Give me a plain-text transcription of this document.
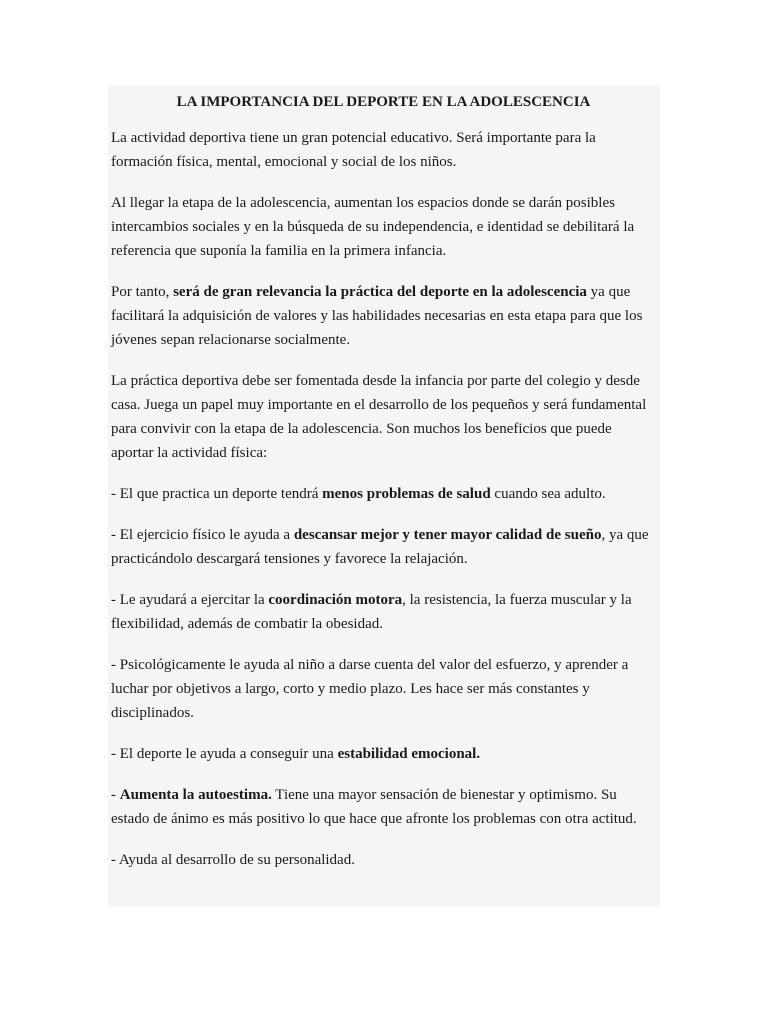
LA IMPORTANCIA DEL DEPORTE EN LA ADOLESCENCIA

La actividad deportiva tiene un gran potencial educativo. Será importante para la formación física, mental, emocional y social de los niños.

Al llegar la etapa de la adolescencia, aumentan los espacios donde se darán posibles intercambios sociales y en la búsqueda de su independencia, e identidad se debilitará la referencia que suponía la familia en la primera infancia.

Por tanto, será de gran relevancia la práctica del deporte en la adolescencia ya que facilitará la adquisición de valores y las habilidades necesarias en esta etapa para que los jóvenes sepan relacionarse socialmente.

La práctica deportiva debe ser fomentada desde la infancia por parte del colegio y desde casa. Juega un papel muy importante en el desarrollo de los pequeños y será fundamental para convivir con la etapa de la adolescencia. Son muchos los beneficios que puede aportar la actividad física:

- El que practica un deporte tendrá menos problemas de salud cuando sea adulto.

- El ejercicio físico le ayuda a descansar mejor y tener mayor calidad de sueño, ya que practicándolo descargará tensiones y favorece la relajación.

- Le ayudará a ejercitar la coordinación motora, la resistencia, la fuerza muscular y la flexibilidad, además de combatir la obesidad.

- Psicológicamente le ayuda al niño a darse cuenta del valor del esfuerzo, y aprender a luchar por objetivos a largo, corto y medio plazo. Les hace ser más constantes y disciplinados.

- El deporte le ayuda a conseguir una estabilidad emocional.

- Aumenta la autoestima. Tiene una mayor sensación de bienestar y optimismo. Su estado de ánimo es más positivo lo que hace que afronte los problemas con otra actitud.

- Ayuda al desarrollo de su personalidad.
